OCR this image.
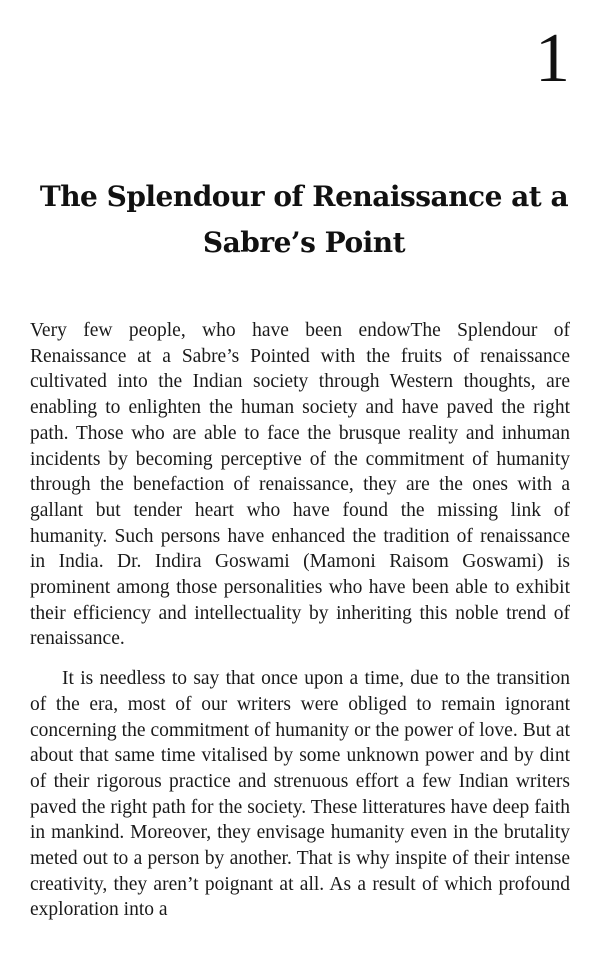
1
The Splendour of Renaissance at a Sabre’s Point

Very few people, who have been endowThe Splendour of Renaissance at a Sabre’s Pointed with the fruits of renaissance cultivated into the Indian society through Western thoughts, are enabling to enlighten the human society and have paved the right path. Those who are able to face the brusque reality and inhuman incidents by becoming perceptive of the commitment of humanity through the benefaction of renaissance, they are the ones with a gallant but tender heart who have found the missing link of humanity. Such persons have enhanced the tradition of renaissance in India. Dr. Indira Goswami (Mamoni Raisom Goswami) is prominent among those personalities who have been able to exhibit their efficiency and intellectuality by inheriting this noble trend of renaissance.

It is needless to say that once upon a time, due to the transition of the era, most of our writers were obliged to remain ignorant concerning the commitment of humanity or the power of love. But at about that same time vitalised by some unknown power and by dint of their rigorous practice and strenuous effort a few Indian writers paved the right path for the society. These litteratures have deep faith in mankind. Moreover, they envisage humanity even in the brutality meted out to a person by another. That is why inspite of their intense creativity, they aren’t poignant at all. As a result of which profound exploration into a
